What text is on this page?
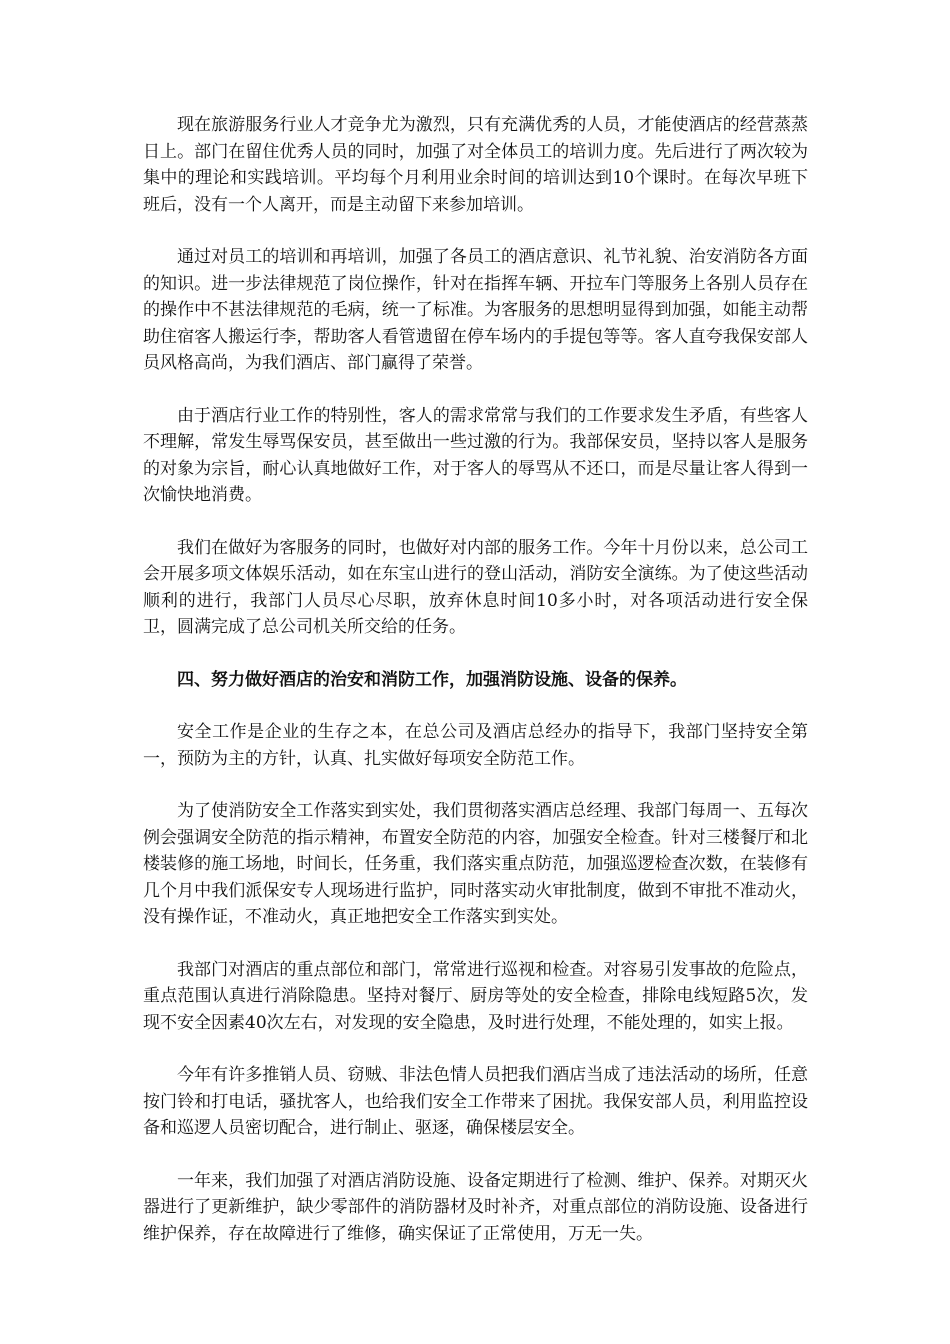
现在旅游服务行业人才竞争尤为激烈，只有充满优秀的人员，才能使酒店的经营蒸蒸日上。部门在留住优秀人员的同时，加强了对全体员工的培训力度。先后进行了两次较为集中的理论和实践培训。平均每个月利用业余时间的培训达到10个课时。在每次早班下班后，没有一个人离开，而是主动留下来参加培训。

通过对员工的培训和再培训，加强了各员工的酒店意识、礼节礼貌、治安消防各方面的知识。进一步法律规范了岗位操作，针对在指挥车辆、开拉车门等服务上各别人员存在的操作中不甚法律规范的毛病，统一了标准。为客服务的思想明显得到加强，如能主动帮助住宿客人搬运行李，帮助客人看管遗留在停车场内的手提包等等。客人直夸我保安部人员风格高尚，为我们酒店、部门赢得了荣誉。

由于酒店行业工作的特别性，客人的需求常常与我们的工作要求发生矛盾，有些客人不理解，常发生辱骂保安员，甚至做出一些过激的行为。我部保安员，坚持以客人是服务的对象为宗旨，耐心认真地做好工作，对于客人的辱骂从不还口，而是尽量让客人得到一次愉快地消费。

我们在做好为客服务的同时，也做好对内部的服务工作。今年十月份以来，总公司工会开展多项文体娱乐活动，如在东宝山进行的登山活动，消防安全演练。为了使这些活动顺利的进行，我部门人员尽心尽职，放弃休息时间10多小时，对各项活动进行安全保卫，圆满完成了总公司机关所交给的任务。

四、努力做好酒店的治安和消防工作，加强消防设施、设备的保养。

安全工作是企业的生存之本，在总公司及酒店总经办的指导下，我部门坚持安全第一，预防为主的方针，认真、扎实做好每项安全防范工作。

为了使消防安全工作落实到实处，我们贯彻落实酒店总经理、我部门每周一、五每次例会强调安全防范的指示精神，布置安全防范的内容，加强安全检查。针对三楼餐厅和北楼装修的施工场地，时间长，任务重，我们落实重点防范，加强巡逻检查次数，在装修有几个月中我们派保安专人现场进行监护，同时落实动火审批制度，做到不审批不准动火，没有操作证，不准动火，真正地把安全工作落实到实处。

我部门对酒店的重点部位和部门，常常进行巡视和检查。对容易引发事故的危险点，重点范围认真进行消除隐患。坚持对餐厅、厨房等处的安全检查，排除电线短路5次，发现不安全因素40次左右，对发现的安全隐患，及时进行处理，不能处理的，如实上报。

今年有许多推销人员、窃贼、非法色情人员把我们酒店当成了违法活动的场所，任意按门铃和打电话，骚扰客人，也给我们安全工作带来了困扰。我保安部人员，利用监控设备和巡逻人员密切配合，进行制止、驱逐，确保楼层安全。

一年来，我们加强了对酒店消防设施、设备定期进行了检测、维护、保养。对期灭火器进行了更新维护，缺少零部件的消防器材及时补齐，对重点部位的消防设施、设备进行维护保养，存在故障进行了维修，确实保证了正常使用，万无一失。
